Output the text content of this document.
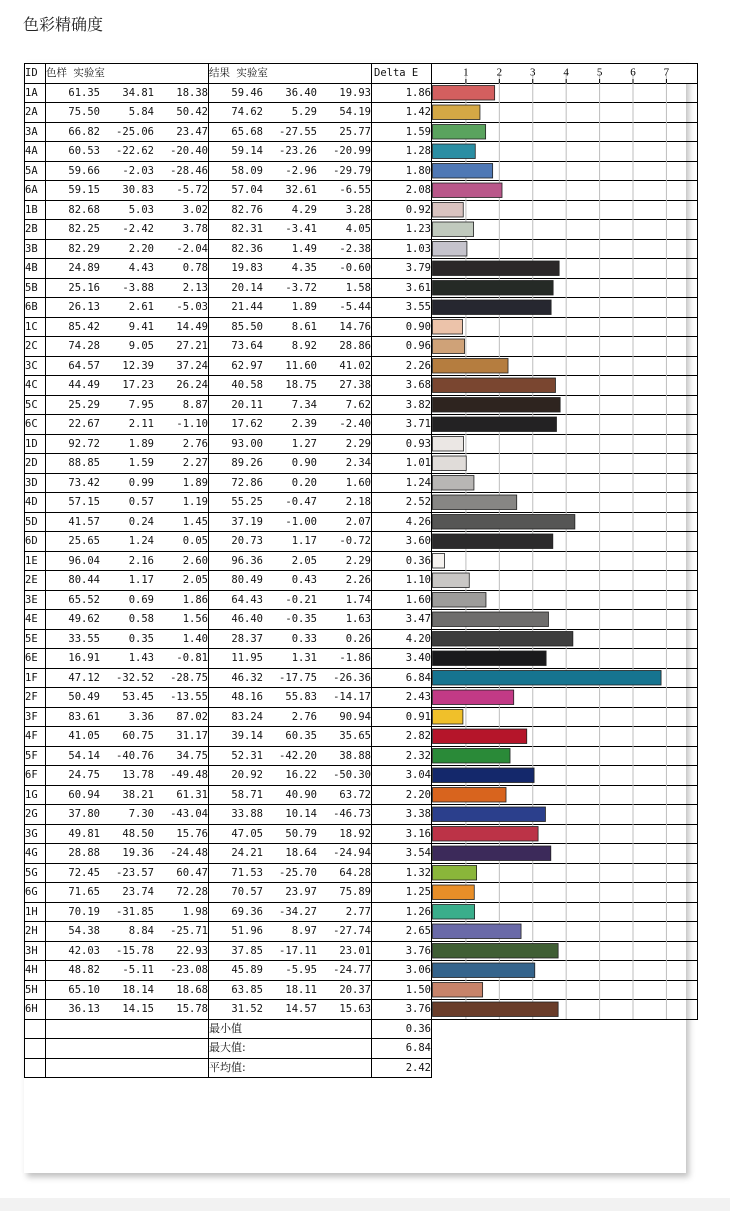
色彩精确度
ID	色样 实验室			结果 实验室			Delta E	
1A	61.35	34.81	18.38	59.46	36.40	19.93	1.86	
2A	75.50	5.84	50.42	74.62	5.29	54.19	1.42	
3A	66.82	-25.06	23.47	65.68	-27.55	25.77	1.59	
4A	60.53	-22.62	-20.40	59.14	-23.26	-20.99	1.28	
5A	59.66	-2.03	-28.46	58.09	-2.96	-29.79	1.80	
6A	59.15	30.83	-5.72	57.04	32.61	-6.55	2.08	
1B	82.68	5.03	3.02	82.76	4.29	3.28	0.92	
2B	82.25	-2.42	3.78	82.31	-3.41	4.05	1.23	
3B	82.29	2.20	-2.04	82.36	1.49	-2.38	1.03	
4B	24.89	4.43	0.78	19.83	4.35	-0.60	3.79	
5B	25.16	-3.88	2.13	20.14	-3.72	1.58	3.61	
6B	26.13	2.61	-5.03	21.44	1.89	-5.44	3.55	
1C	85.42	9.41	14.49	85.50	8.61	14.76	0.90	
2C	74.28	9.05	27.21	73.64	8.92	28.86	0.96	
3C	64.57	12.39	37.24	62.97	11.60	41.02	2.26	
4C	44.49	17.23	26.24	40.58	18.75	27.38	3.68	
5C	25.29	7.95	8.87	20.11	7.34	7.62	3.82	
6C	22.67	2.11	-1.10	17.62	2.39	-2.40	3.71	
1D	92.72	1.89	2.76	93.00	1.27	2.29	0.93	
2D	88.85	1.59	2.27	89.26	0.90	2.34	1.01	
3D	73.42	0.99	1.89	72.86	0.20	1.60	1.24	
4D	57.15	0.57	1.19	55.25	-0.47	2.18	2.52	
5D	41.57	0.24	1.45	37.19	-1.00	2.07	4.26	
6D	25.65	1.24	0.05	20.73	1.17	-0.72	3.60	
1E	96.04	2.16	2.60	96.36	2.05	2.29	0.36	
2E	80.44	1.17	2.05	80.49	0.43	2.26	1.10	
3E	65.52	0.69	1.86	64.43	-0.21	1.74	1.60	
4E	49.62	0.58	1.56	46.40	-0.35	1.63	3.47	
5E	33.55	0.35	1.40	28.37	0.33	0.26	4.20	
6E	16.91	1.43	-0.81	11.95	1.31	-1.86	3.40	
1F	47.12	-32.52	-28.75	46.32	-17.75	-26.36	6.84	
2F	50.49	53.45	-13.55	48.16	55.83	-14.17	2.43	
3F	83.61	3.36	87.02	83.24	2.76	90.94	0.91	
4F	41.05	60.75	31.17	39.14	60.35	35.65	2.82	
5F	54.14	-40.76	34.75	52.31	-42.20	38.88	2.32	
6F	24.75	13.78	-49.48	20.92	16.22	-50.30	3.04	
1G	60.94	38.21	61.31	58.71	40.90	63.72	2.20	
2G	37.80	7.30	-43.04	33.88	10.14	-46.73	3.38	
3G	49.81	48.50	15.76	47.05	50.79	18.92	3.16	
4G	28.88	19.36	-24.48	24.21	18.64	-24.94	3.54	
5G	72.45	-23.57	60.47	71.53	-25.70	64.28	1.32	
6G	71.65	23.74	72.28	70.57	23.97	75.89	1.25	
1H	70.19	-31.85	1.98	69.36	-34.27	2.77	1.26	
2H	54.38	8.84	-25.71	51.96	8.97	-27.74	2.65	
3H	42.03	-15.78	22.93	37.85	-17.11	23.01	3.76	
4H	48.82	-5.11	-23.08	45.89	-5.95	-24.77	3.06	
5H	65.10	18.14	18.68	63.85	18.11	20.37	1.50	
6H	36.13	14.15	15.78	31.52	14.57	15.63	3.76	
				最小值			0.36	
				最大值:			6.84	
				平均值:			2.42	
1	2	3	4	5	6	7
